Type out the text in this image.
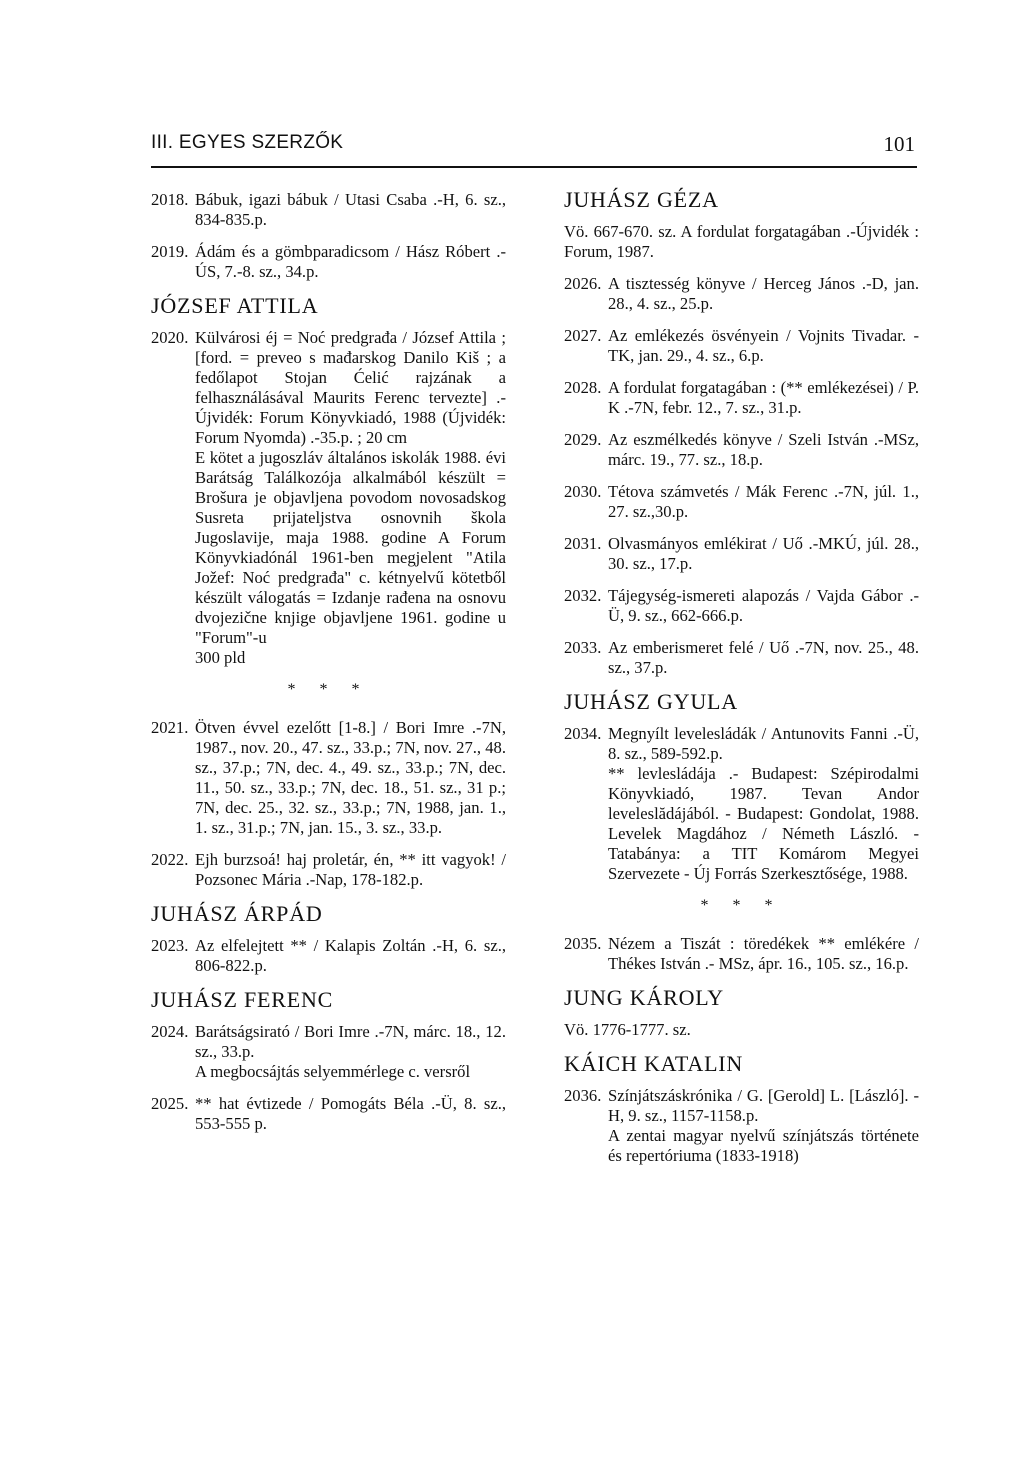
III. EGYES SZERZŐK	101
2018. Bábuk, igazi bábuk / Utasi Csaba .-H, 6. sz., 834-835.p.
2019. Ádám és a gömbparadicsom / Hász Róbert .- ÚS, 7.-8. sz., 34.p.
JÓZSEF ATTILA
2020. Külvárosi éj = Noć predgrađa / József Attila ; [ford. = preveo s mađarskog Danilo Kiš ; a fedőlapot Stojan Ćelić rajzának a felhasználásával Maurits Ferenc tervezte] .-Újvidék: Forum Könyvkiadó, 1988 (Újvidék: Forum Nyomda) .-35.p. ; 20 cm

E kötet a jugoszláv általános iskolák 1988. évi Barátság Találkozója alkalmából készült = Brošura je objavljena povodom novosadskog Susreta prijateljstva osnovnih škola Jugoslavije, maja 1988. godine A Forum Könyvkiadónál 1961-ben megjelent "Atila Jožef: Noć predgrađa" c. kétnyelvű kötetből készült válogatás = Izdanje rađena na osnovu dvojezične knjige objavljene 1961. godine u "Forum"-u

300 pld

* * *
2021. Ötven évvel ezelőtt [1-8.] / Bori Imre .-7N, 1987., nov. 20., 47. sz., 33.p.; 7N, nov. 27., 48. sz., 37.p.; 7N, dec. 4., 49. sz., 33.p.; 7N, dec. 11., 50. sz., 33.p.; 7N, dec. 18., 51. sz., 31 p.; 7N, dec. 25., 32. sz., 33.p.; 7N, 1988, jan. 1., 1. sz., 31.p.; 7N, jan. 15., 3. sz., 33.p.
2022. Ejh burzsoá! haj proletár, én, ** itt vagyok! / Pozsonec Mária .-Nap, 178-182.p.
JUHÁSZ ÁRPÁD
2023. Az elfelejtett ** / Kalapis Zoltán .-H, 6. sz., 806-822.p.
JUHÁSZ FERENC
2024. Barátságsirató / Bori Imre .-7N, márc. 18., 12. sz., 33.p.

A megbocsájtás selyemmérlege c. versről

2025. ** hat évtizede / Pomogáts Béla .-Ü, 8. sz., 553-555 p.
JUHÁSZ GÉZA

Vö. 667-670. sz. A fordulat forgatagában .-Újvidék : Forum, 1987.

2026. A tisztesség könyve / Herceg János .-D, jan. 28., 4. sz., 25.p.
2027. Az emlékezés ösvényein / Vojnits Tivadar. - TK, jan. 29., 4. sz., 6.p.
2028. A fordulat forgatagában : (** emlékezései) / P. K .-7N, febr. 12., 7. sz., 31.p.
2029. Az eszmélkedés könyve / Szeli István .-MSz, márc. 19., 77. sz., 18.p.
2030. Tétova számvetés / Mák Ferenc .-7N, júl. 1., 27. sz.,30.p.
2031. Olvasmányos emlékirat / Uő .-MKÚ, júl. 28., 30. sz., 17.p.
2032. Tájegység-ismereti alapozás / Vajda Gábor .-Ü, 9. sz., 662-666.p.
2033. Az emberismeret felé / Uő .-7N, nov. 25., 48. sz., 37.p.
JUHÁSZ GYULA
2034. Megnyílt levelesládák / Antunovits Fanni .-Ü, 8. sz., 589-592.p.

** levlesládája .- Budapest: Szépirodalmi Könyvkiadó, 1987. Tevan Andor leveleslădájából. - Budapest: Gondolat, 1988. Levelek Magdához / Németh László. - Tatabánya: a TIT Komárom Megyei Szervezete - Új Forrás Szerkesztősége, 1988.

* * *
2035. Nézem a Tiszát : töredékek ** emlékére / Thékes István .- MSz, ápr. 16., 105. sz., 16.p.
JUNG KÁROLY

Vö. 1776-1777. sz.

KÁICH KATALIN
2036. Színjátszáskrónika / G. [Gerold] L. [László]. - H, 9. sz., 1157-1158.p.

A zentai magyar nyelvű színjátszás története és repertóriuma (1833-1918)
